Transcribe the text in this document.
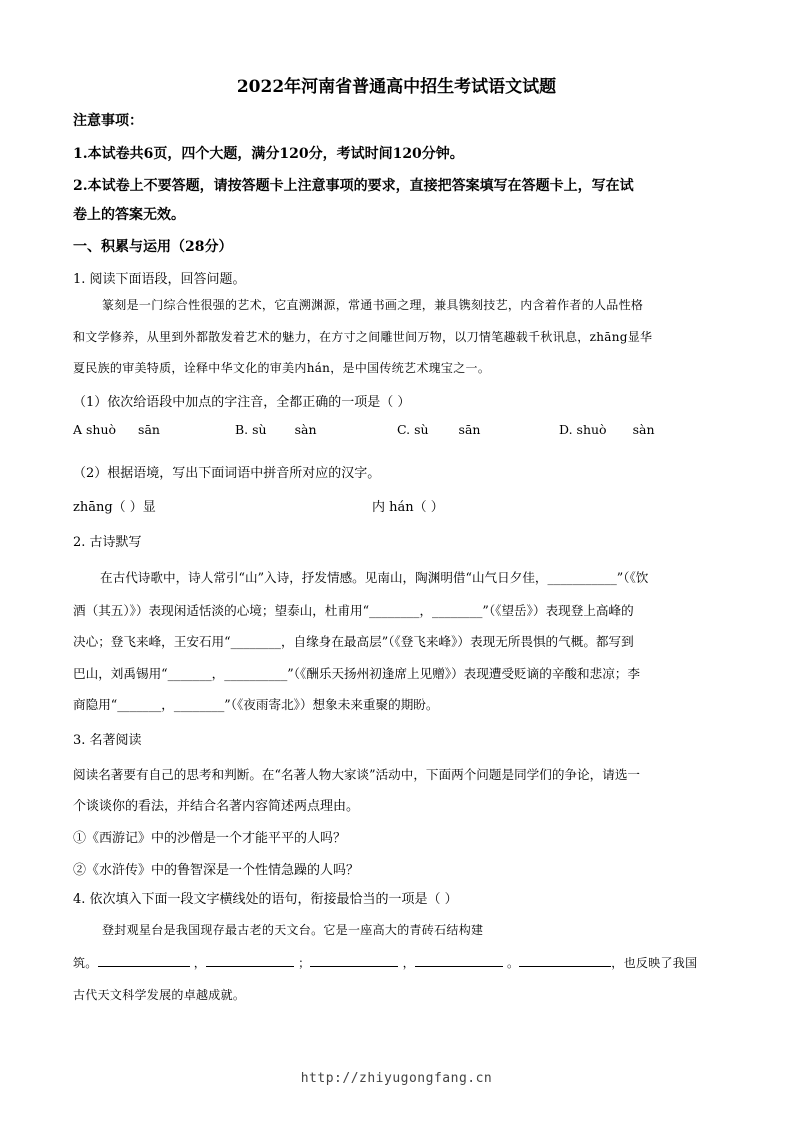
2022年河南省普通高中招生考试语文试题
注意事项：
1.本试卷共6页，四个大题，满分120分，考试时间120分钟。
2.本试卷上不要答题，请按答题卡上注意事项的要求，直接把答案填写在答题卡上，写在试
卷上的答案无效。
一、积累与运用（28分）
1. 阅读下面语段，回答问题。
篆刻是一门综合性很强的艺术，它直溯渊源，常通书画之理，兼具镌刻技艺，内含着作者的人品性格
和文学修养，从里到外都散发着艺术的魅力，在方寸之间雕世间万物，以刀情笔趣载千秋讯息，zhāng显华
夏民族的审美特质，诠释中华文化的审美内hán，是中国传统艺术瑰宝之一。
（1）依次给语段中加点的字注音，全都正确的一项是（ ）
A shuò sān	B. sù sàn	C. sù sān	D. shuò sàn
（2）根据语境，写出下面词语中拼音所对应的汉字。
zhāng（ ）显	内 hán（ ）
2. 古诗默写
在古代诗歌中，诗人常引“山”入诗，抒发情感。见南山，陶渊明借“山气日夕佳，___________”（《饮
酒（其五）》）表现闲适恬淡的心境；望泰山，杜甫用“________，________”（《望岳》）表现登上高峰的
决心；登飞来峰，王安石用“________，自缘身在最高层”（《登飞来峰》）表现无所畏惧的气概。都写到
巴山，刘禹锡用“_______，__________”（《酬乐天扬州初逢席上见赠》）表现遭受贬谪的辛酸和悲凉；李
商隐用“_______，________”（《夜雨寄北》）想象未来重聚的期盼。
3. 名著阅读
阅读名著要有自己的思考和判断。在“名著人物大家谈”活动中，下面两个问题是同学们的争论，请选一
个谈谈你的看法，并结合名著内容简述两点理由。
①《西游记》中的沙僧是一个才能平平的人吗？
②《水浒传》中的鲁智深是一个性情急躁的人吗？
4. 依次填入下面一段文字横线处的语句，衔接最恰当的一项是（ ）
登封观星台是我国现存最古老的天文台。它是一座高大的青砖石结构建
筑。	，	；	，	。	，也反映了我国
古代天文科学发展的卓越成就。
http://zhiyugongfang.cn
